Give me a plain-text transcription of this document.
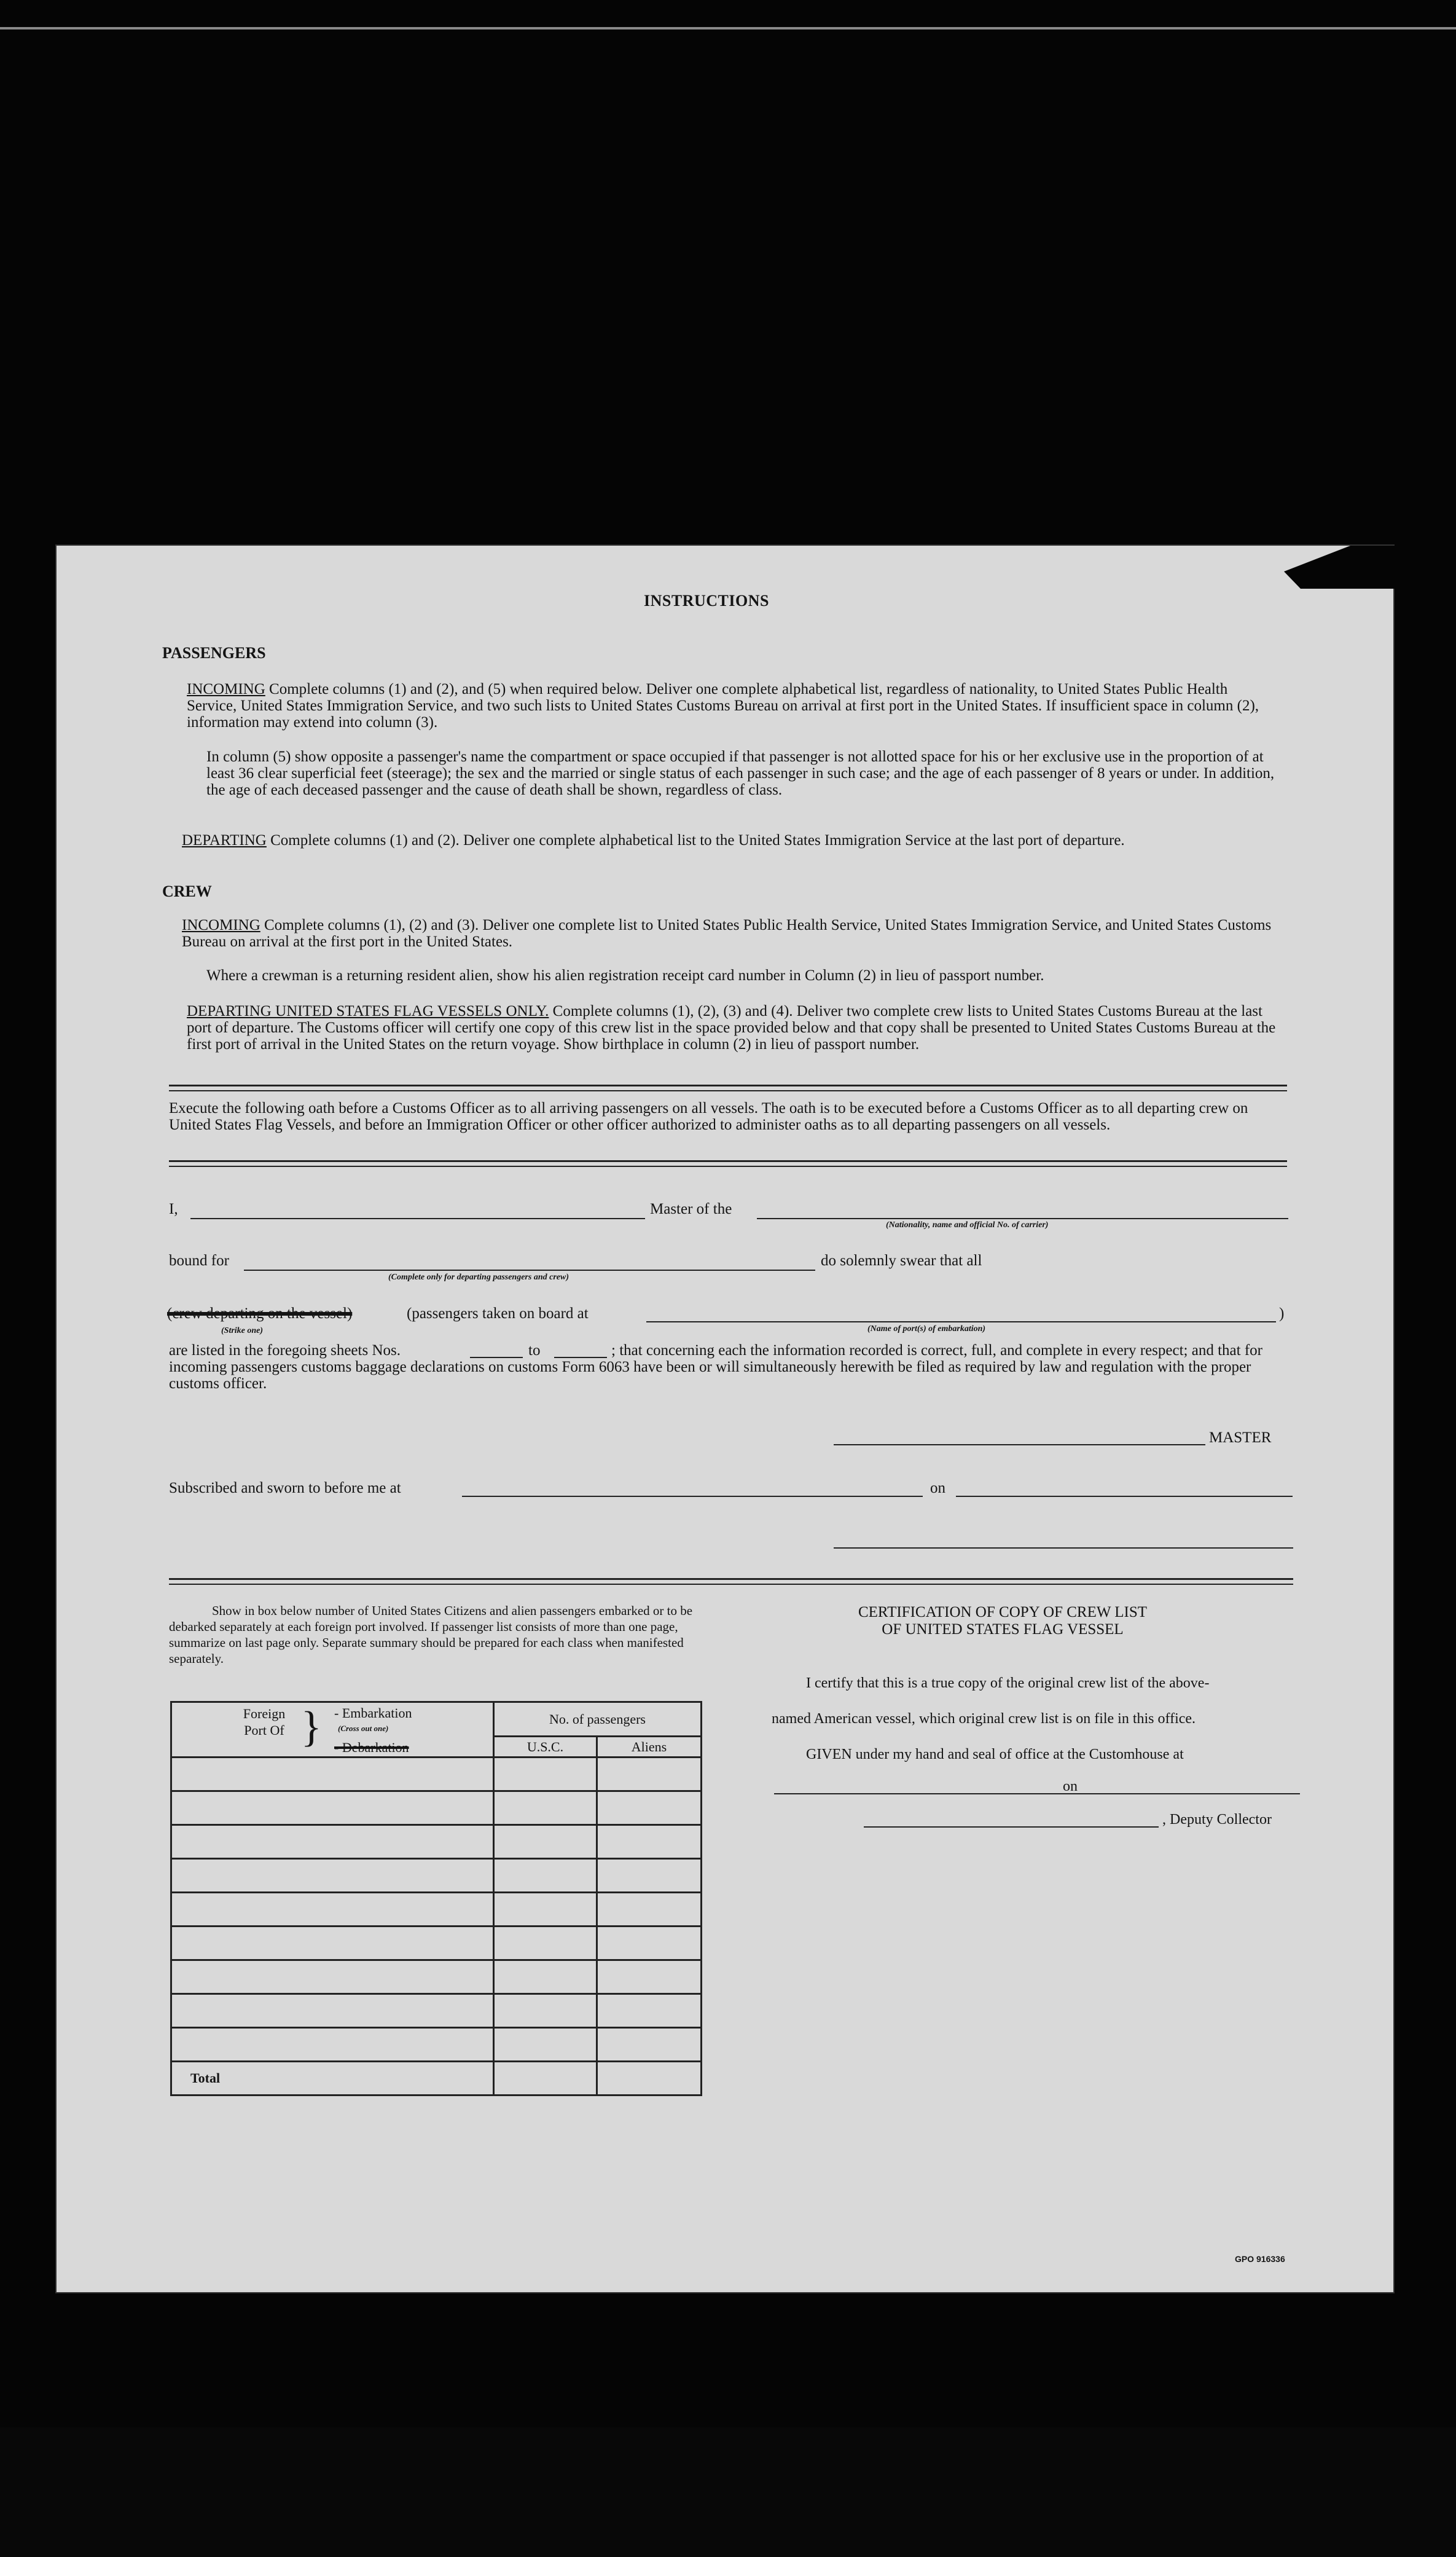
INSTRUCTIONS
PASSENGERS
INCOMING Complete columns (1) and (2), and (5) when required below. Deliver one complete alphabetical list, regardless of nationality, to United States Public Health Service, United States Immigration Service, and two such lists to United States Customs Bureau on arrival at first port in the United States. If insufficient space in column (2), information may extend into column (3).
In column (5) show opposite a passenger's name the compartment or space occupied if that passenger is not allotted space for his or her exclusive use in the proportion of at least 36 clear superficial feet (steerage); the sex and the married or single status of each passenger in such case; and the age of each passenger of 8 years or under. In addition, the age of each deceased passenger and the cause of death shall be shown, regardless of class.
DEPARTING Complete columns (1) and (2). Deliver one complete alphabetical list to the United States Immigration Service at the last port of departure.
CREW
INCOMING Complete columns (1), (2) and (3). Deliver one complete list to United States Public Health Service, United States Immigration Service, and United States Customs Bureau on arrival at the first port in the United States.
Where a crewman is a returning resident alien, show his alien registration receipt card number in Column (2) in lieu of passport number.
DEPARTING UNITED STATES FLAG VESSELS ONLY. Complete columns (1), (2), (3) and (4). Deliver two complete crew lists to United States Customs Bureau at the last port of departure. The Customs officer will certify one copy of this crew list in the space provided below and that copy shall be presented to United States Customs Bureau at the first port of arrival in the United States on the return voyage. Show birthplace in column (2) in lieu of passport number.
Execute the following oath before a Customs Officer as to all arriving passengers on all vessels. The oath is to be executed before a Customs Officer as to all departing crew on United States Flag Vessels, and before an Immigration Officer or other officer authorized to administer oaths as to all departing passengers on all vessels.
I,	Master of the
(Nationality, name and official No. of carrier)
bound for
(Complete only for departing passengers and crew)
do solemnly swear that all
(crew departing on the vessel)	(passengers taken on board at
(Strike one)	(Name of port(s) of embarkation)
)
are listed in the foregoing sheets Nos.	to	; that concerning each the information recorded is correct, full, and complete in every respect; and that for incoming passengers customs baggage declarations on customs Form 6063 have been or will simultaneously herewith be filed as required by law and regulation with the proper customs officer.
MASTER
Subscribed and sworn to before me at	on
Show in box below number of United States Citizens and alien passengers embarked or to be debarked separately at each foreign port involved. If passenger list consists of more than one page, summarize on last page only. Separate summary should be prepared for each class when manifested separately.
Foreign Port Of } - Embarkation
(Cross out one)
- Debarkation	No. of passengers	
	U.S.C.	Aliens

Total		
CERTIFICATION OF COPY OF CREW LIST
OF UNITED STATES FLAG VESSEL
I certify that this is a true copy of the original crew list of the above-
named American vessel, which original crew list is on file in this office.
GIVEN under my hand and seal of office at the Customhouse at
on
, Deputy Collector
GPO 916336
